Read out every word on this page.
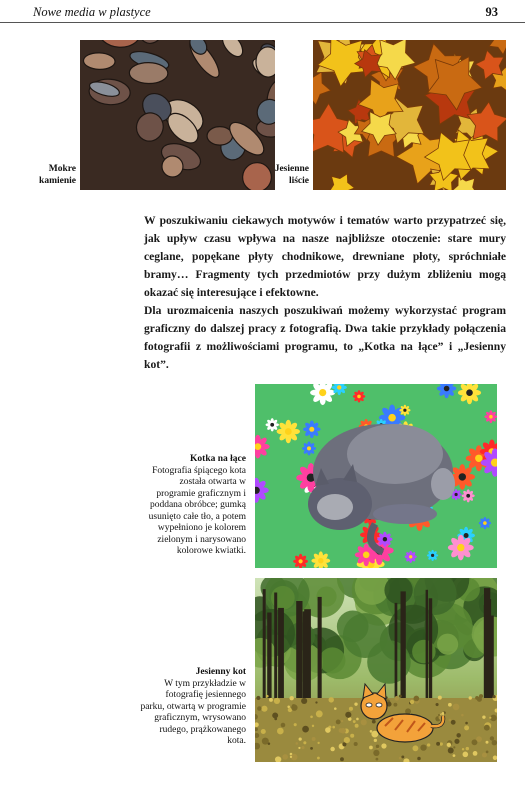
Nowe media w plastyce	93
Mokre kamienie
Jesienne liście

W poszukiwaniu ciekawych motywów i tematów warto przypatrzeć się, jak upływ czasu wpływa na nasze najbliższe otoczenie: stare mury ceglane, popękane płyty chodnikowe, drewniane płoty, spróchniałe bramy… Fragmenty tych przedmiotów przy dużym zbliżeniu mogą okazać się interesujące i efektowne.

Dla urozmaicenia naszych poszukiwań możemy wykorzystać program graficzny do dalszej pracy z fotografią. Dwa takie przykłady połączenia fotografii z możliwościami programu, to „Kotka na łące” i „Jesienny kot”.

Kotka na łące
Fotografia śpiącego kota została otwarta w programie graficznym i poddana obróbce; gumką usunięto całe tło, a potem wypełniono je kolorem zielonym i narysowano kolorowe kwiatki.
Jesienny kot
W tym przykładzie w fotografię jesiennego parku, otwartą w programie graficznym, wrysowano rudego, prążkowanego kota.
